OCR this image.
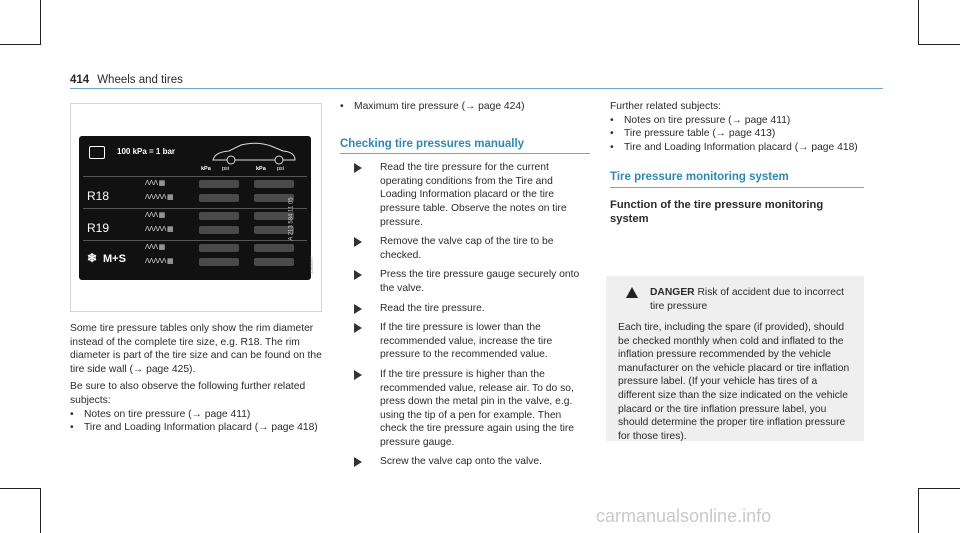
414 Wheels and tires
100 kPa = 1 bar
kPa psi	kPa psi
R18
ΛΛΛ ▦
ΛΛΛΛΛ ▦
R19
ΛΛΛ ▦
ΛΛΛΛΛ ▦
❄ M+S
ΛΛΛ ▦
ΛΛΛΛΛ ▦
A 213 584 11 05
32806567

Some tire pressure tables only show the rim diameter instead of the complete tire size, e.g. R18. The rim diameter is part of the tire size and can be found on the tire side wall (→ page 425).

Be sure to also observe the following further related subjects:

• Notes on tire pressure (→ page 411)
• Tire and Loading Information placard (→ page 418)
• Maximum tire pressure (→ page 424)
Checking tire pressures manually
Read the tire pressure for the current operating conditions from the Tire and Loading Information placard or the tire pressure table. Observe the notes on tire pressure.
Remove the valve cap of the tire to be checked.
Press the tire pressure gauge securely onto the valve.
Read the tire pressure.
If the tire pressure is lower than the recommended value, increase the tire pressure to the recommended value.
If the tire pressure is higher than the recommended value, release air. To do so, press down the metal pin in the valve, e.g. using the tip of a pen for example. Then check the tire pressure again using the tire pressure gauge.
Screw the valve cap onto the valve.

Further related subjects:

• Notes on tire pressure (→ page 411)
• Tire pressure table (→ page 413)
• Tire and Loading Information placard (→ page 418)
Tire pressure monitoring system
Function of the tire pressure monitoring system
DANGER Risk of accident due to incorrect tire pressure
Each tire, including the spare (if provided), should be checked monthly when cold and inflated to the inflation pressure recommended by the vehicle manufacturer on the vehicle placard or tire inflation pressure label. (If your vehicle has tires of a different size than the size indicated on the vehicle placard or the tire inflation pressure label, you should determine the proper tire inflation pressure for those tires).
carmanualsonline.info
